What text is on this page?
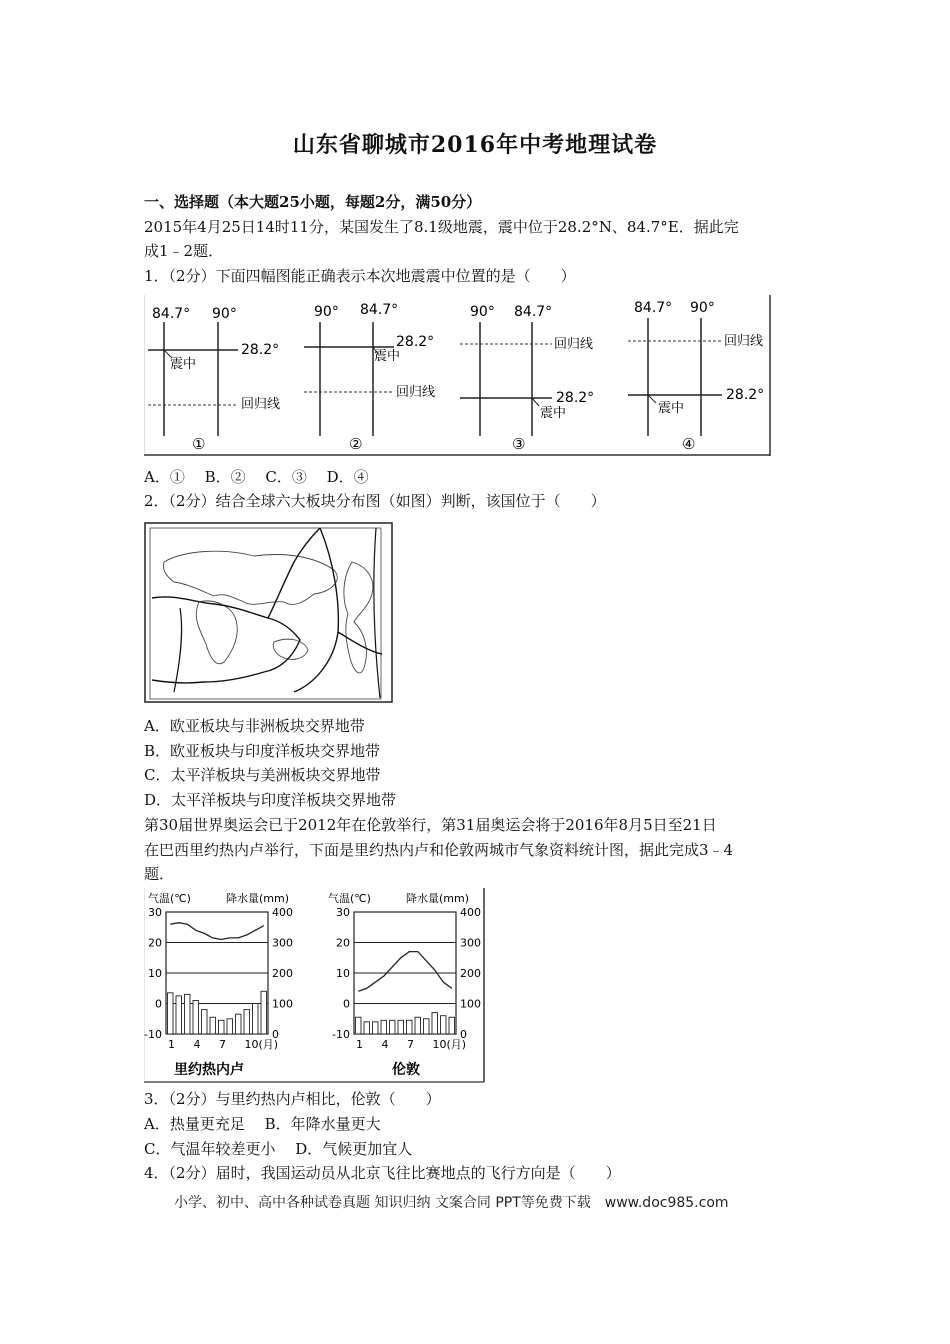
山东省聊城市2016年中考地理试卷
一、选择题（本大题25小题，每题2分，满50分）
2015年4月25日14时11分，某国发生了8.1级地震，震中位于28.2°N、84.7°E．据此完
成1﹣2题．
1．（2分）下面四幅图能正确表示本次地震震中位置的是（　　）
84.7° 90°
28.2°
回归线
震中
①
90° 84.7°
28.2°
回归线
震中
②
90° 84.7°
回归线
28.2°
震中
③
84.7° 90°
回归线
28.2°
震中
④
A．①　 B．②　 C．③　 D．④
2．（2分）结合全球六大板块分布图（如图）判断，该国位于（　　）
A．欧亚板块与非洲板块交界地带
B．欧亚板块与印度洋板块交界地带
C．太平洋板块与美洲板块交界地带
D．太平洋板块与印度洋板块交界地带
第30届世界奥运会已于2012年在伦敦举行，第31届奥运会将于2016年8月5日至21日
在巴西里约热内卢举行，下面是里约热内卢和伦敦两城市气象资料统计图，据此完成3﹣4
题．
气温(℃)	降水量(mm)
30
20
10
0
-10
400
300
200
100
0
1 4 7 10(月)
里约热内卢
气温(℃)	降水量(mm)
30
20
10
0
-10
400
300
200
100
0
1 4 7 10(月)
伦敦
3．（2分）与里约热内卢相比，伦敦（　　）
A．热量更充足　 B．年降水量更大
C．气温年较差更小　 D．气候更加宜人
4．（2分）届时，我国运动员从北京飞往比赛地点的飞行方向是（　　）
小学、初中、高中各种试卷真题 知识归纳 文案合同 PPT等免费下载　www.doc985.com
